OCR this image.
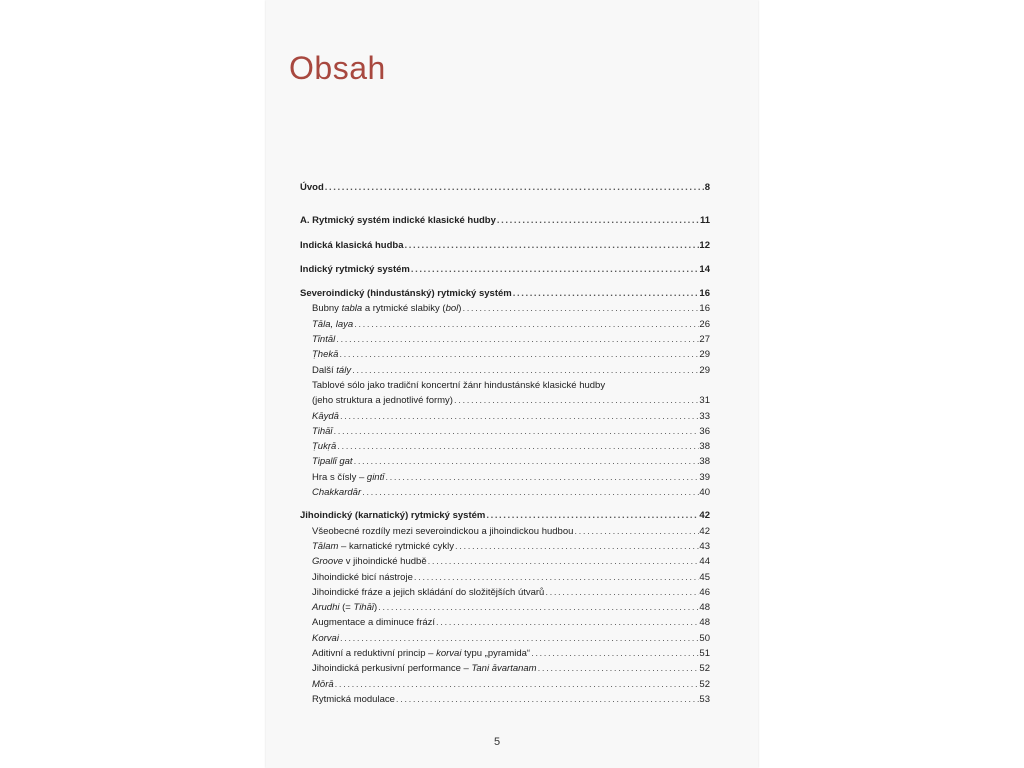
Obsah
Úvod .....	8
A. Rytmický systém indické klasické hudby .....	11
Indická klasická hudba .....	12
Indický rytmický systém .....	14
Severoindický (hindustánský) rytmický systém .....	16
Bubny tabla a rytmické slabiky (bol) .....	16
Tāla, laya .....	26
Tīntāl .....	27
Ṭhekā .....	29
Další tály .....	29
Tablové sólo jako tradiční koncertní žánr hindustánské klasické hudby
(jeho struktura a jednotlivé formy) .....	31
Kāydā .....	33
Tihāī .....	36
Ṭukṛā .....	38
Tipallī gat .....	38
Hra s čísly – gintī .....	39
Chakkardār .....	40
Jihoindický (karnatický) rytmický systém .....	42
Všeobecné rozdíly mezi severoindickou a jihoindickou hudbou .....	42
Tālam – karnatické rytmické cykly .....	43
Groove v jihoindické hudbě .....	44
Jihoindické bicí nástroje .....	45
Jihoindické fráze a jejich skládání do složitějších útvarů .....	46
Arudhi (= Tihāī) .....	48
Augmentace a diminuce frází .....	48
Korvai .....	50
Aditivní a reduktivní princip – korvai typu „pyramida“ .....	51
Jihoindická perkusivní performance – Tani āvartanam .....	52
Mōrā .....	52
Rytmická modulace .....	53
5
